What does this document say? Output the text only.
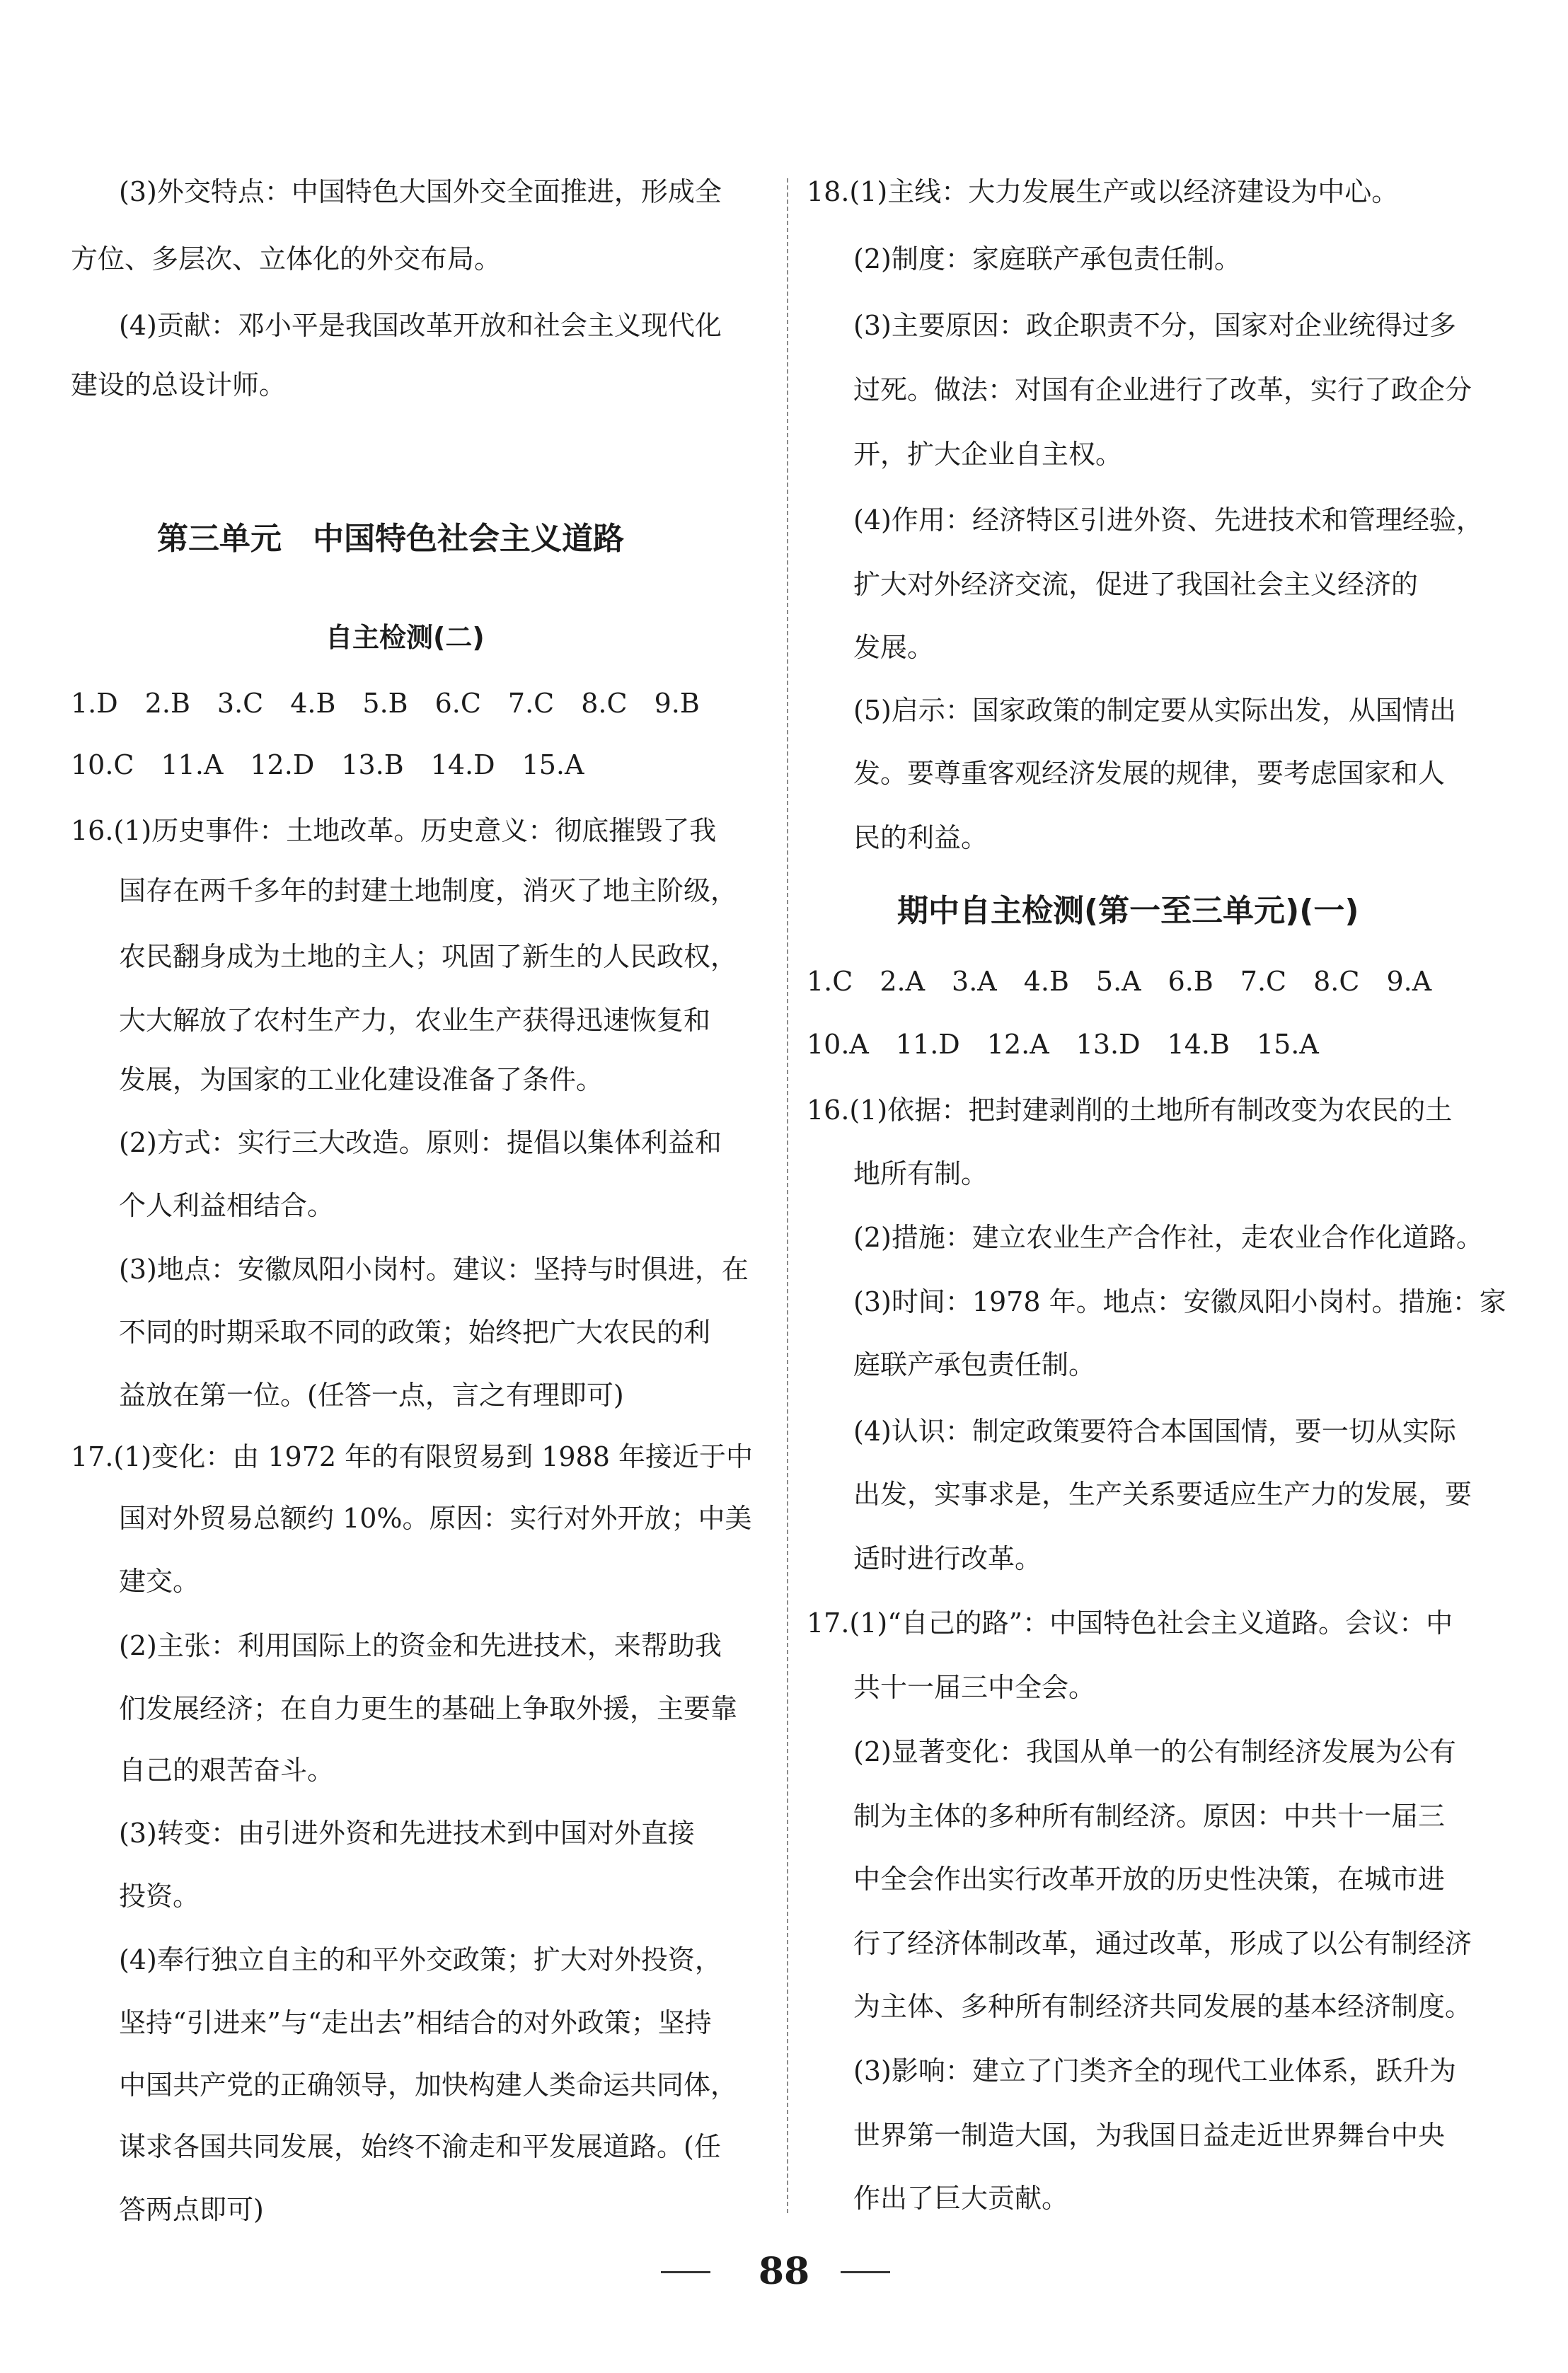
(3)外交特点：中国特色大国外交全面推进，形成全
方位、多层次、立体化的外交布局。
(4)贡献：邓小平是我国改革开放和社会主义现代化
建设的总设计师。
第三单元　中国特色社会主义道路
自主检测(二)
1.D　2.B　3.C　4.B　5.B　6.C　7.C　8.C　9.B
10.C　11.A　12.D　13.B　14.D　15.A
16.(1)历史事件：土地改革。历史意义：彻底摧毁了我
国存在两千多年的封建土地制度，消灭了地主阶级，
农民翻身成为土地的主人；巩固了新生的人民政权，
大大解放了农村生产力，农业生产获得迅速恢复和
发展，为国家的工业化建设准备了条件。
(2)方式：实行三大改造。原则：提倡以集体利益和
个人利益相结合。
(3)地点：安徽凤阳小岗村。建议：坚持与时俱进，在
不同的时期采取不同的政策；始终把广大农民的利
益放在第一位。(任答一点，言之有理即可)
17.(1)变化：由 1972 年的有限贸易到 1988 年接近于中
国对外贸易总额约 10%。原因：实行对外开放；中美
建交。
(2)主张：利用国际上的资金和先进技术，来帮助我
们发展经济；在自力更生的基础上争取外援，主要靠
自己的艰苦奋斗。
(3)转变：由引进外资和先进技术到中国对外直接
投资。
(4)奉行独立自主的和平外交政策；扩大对外投资，
坚持“引进来”与“走出去”相结合的对外政策；坚持
中国共产党的正确领导，加快构建人类命运共同体，
谋求各国共同发展，始终不渝走和平发展道路。(任
答两点即可)
18.(1)主线：大力发展生产或以经济建设为中心。
(2)制度：家庭联产承包责任制。
(3)主要原因：政企职责不分，国家对企业统得过多
过死。做法：对国有企业进行了改革，实行了政企分
开，扩大企业自主权。
(4)作用：经济特区引进外资、先进技术和管理经验，
扩大对外经济交流，促进了我国社会主义经济的
发展。
(5)启示：国家政策的制定要从实际出发，从国情出
发。要尊重客观经济发展的规律，要考虑国家和人
民的利益。
期中自主检测(第一至三单元)(一)
1.C　2.A　3.A　4.B　5.A　6.B　7.C　8.C　9.A
10.A　11.D　12.A　13.D　14.B　15.A
16.(1)依据：把封建剥削的土地所有制改变为农民的土
地所有制。
(2)措施：建立农业生产合作社，走农业合作化道路。
(3)时间：1978 年。地点：安徽凤阳小岗村。措施：家
庭联产承包责任制。
(4)认识：制定政策要符合本国国情，要一切从实际
出发，实事求是，生产关系要适应生产力的发展，要
适时进行改革。
17.(1)“自己的路”：中国特色社会主义道路。会议：中
共十一届三中全会。
(2)显著变化：我国从单一的公有制经济发展为公有
制为主体的多种所有制经济。原因：中共十一届三
中全会作出实行改革开放的历史性决策，在城市进
行了经济体制改革，通过改革，形成了以公有制经济
为主体、多种所有制经济共同发展的基本经济制度。
(3)影响：建立了门类齐全的现代工业体系，跃升为
世界第一制造大国，为我国日益走近世界舞台中央
作出了巨大贡献。
88
